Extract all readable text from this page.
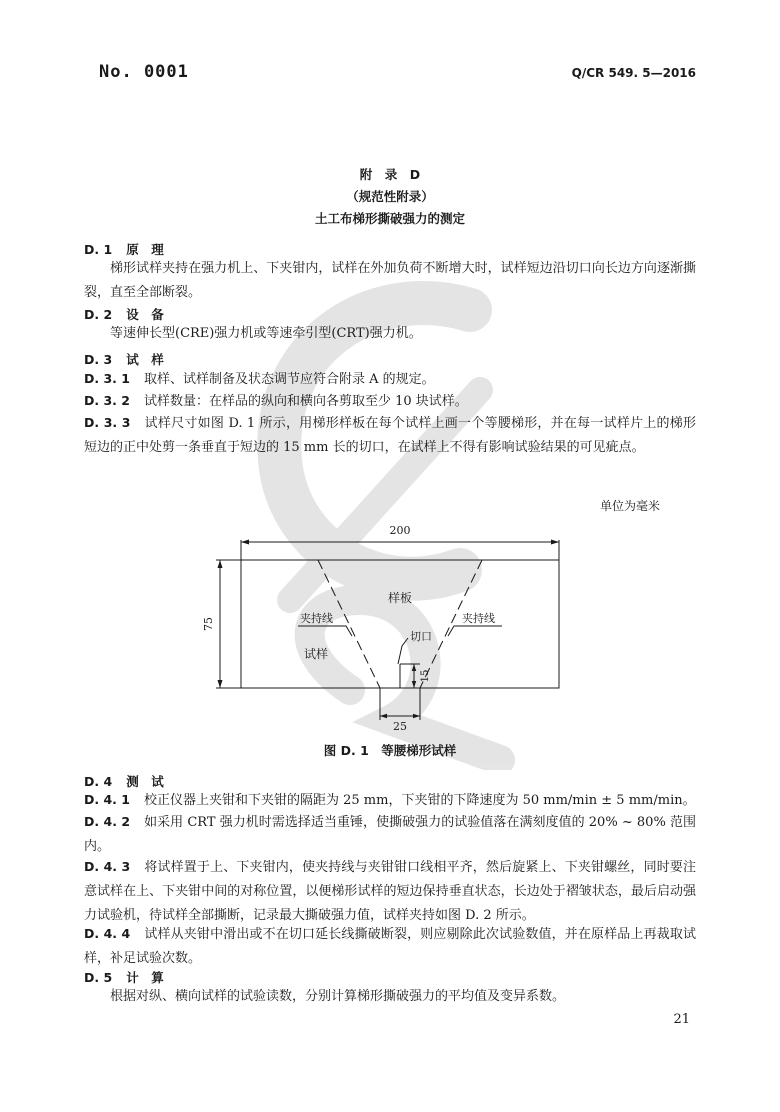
No. 0001	Q/CR 549. 5—2016
附　录　D
（规范性附录）
土工布梯形撕破强力的测定
D. 1 原　理
梯形试样夹持在强力机上、下夹钳内，试样在外加负荷不断增大时，试样短边沿切口向长边方向逐渐撕裂，直至全部断裂。
D. 2 设　备
等速伸长型(CRE)强力机或等速牵引型(CRT)强力机。
D. 3 试　样
D. 3. 1 取样、试样制备及状态调节应符合附录 A 的规定。
D. 3. 2 试样数量：在样品的纵向和横向各剪取至少 10 块试样。
D. 3. 3 试样尺寸如图 D. 1 所示，用梯形样板在每个试样上画一个等腰梯形，并在每一试样片上的梯形短边的正中处剪一条垂直于短边的 15 mm 长的切口，在试样上不得有影响试验结果的可见疵点。
单位为毫米
200
75
15
25
样板
夹持线	夹持线
切口
试样
图 D. 1　等腰梯形试样
D. 4 测　试
D. 4. 1 校正仪器上夹钳和下夹钳的隔距为 25 mm，下夹钳的下降速度为 50 mm/min ± 5 mm/min。
D. 4. 2 如采用 CRT 强力机时需选择适当重锤，使撕破强力的试验值落在满刻度值的 20% ~ 80% 范围内。
D. 4. 3 将试样置于上、下夹钳内，使夹持线与夹钳钳口线相平齐，然后旋紧上、下夹钳螺丝，同时要注意试样在上、下夹钳中间的对称位置，以便梯形试样的短边保持垂直状态，长边处于褶皱状态，最后启动强力试验机，待试样全部撕断，记录最大撕破强力值，试样夹持如图 D. 2 所示。
D. 4. 4 试样从夹钳中滑出或不在切口延长线撕破断裂，则应剔除此次试验数值，并在原样品上再裁取试样，补足试验次数。
D. 5 计　算
根据对纵、横向试样的试验读数，分别计算梯形撕破强力的平均值及变异系数。
21
